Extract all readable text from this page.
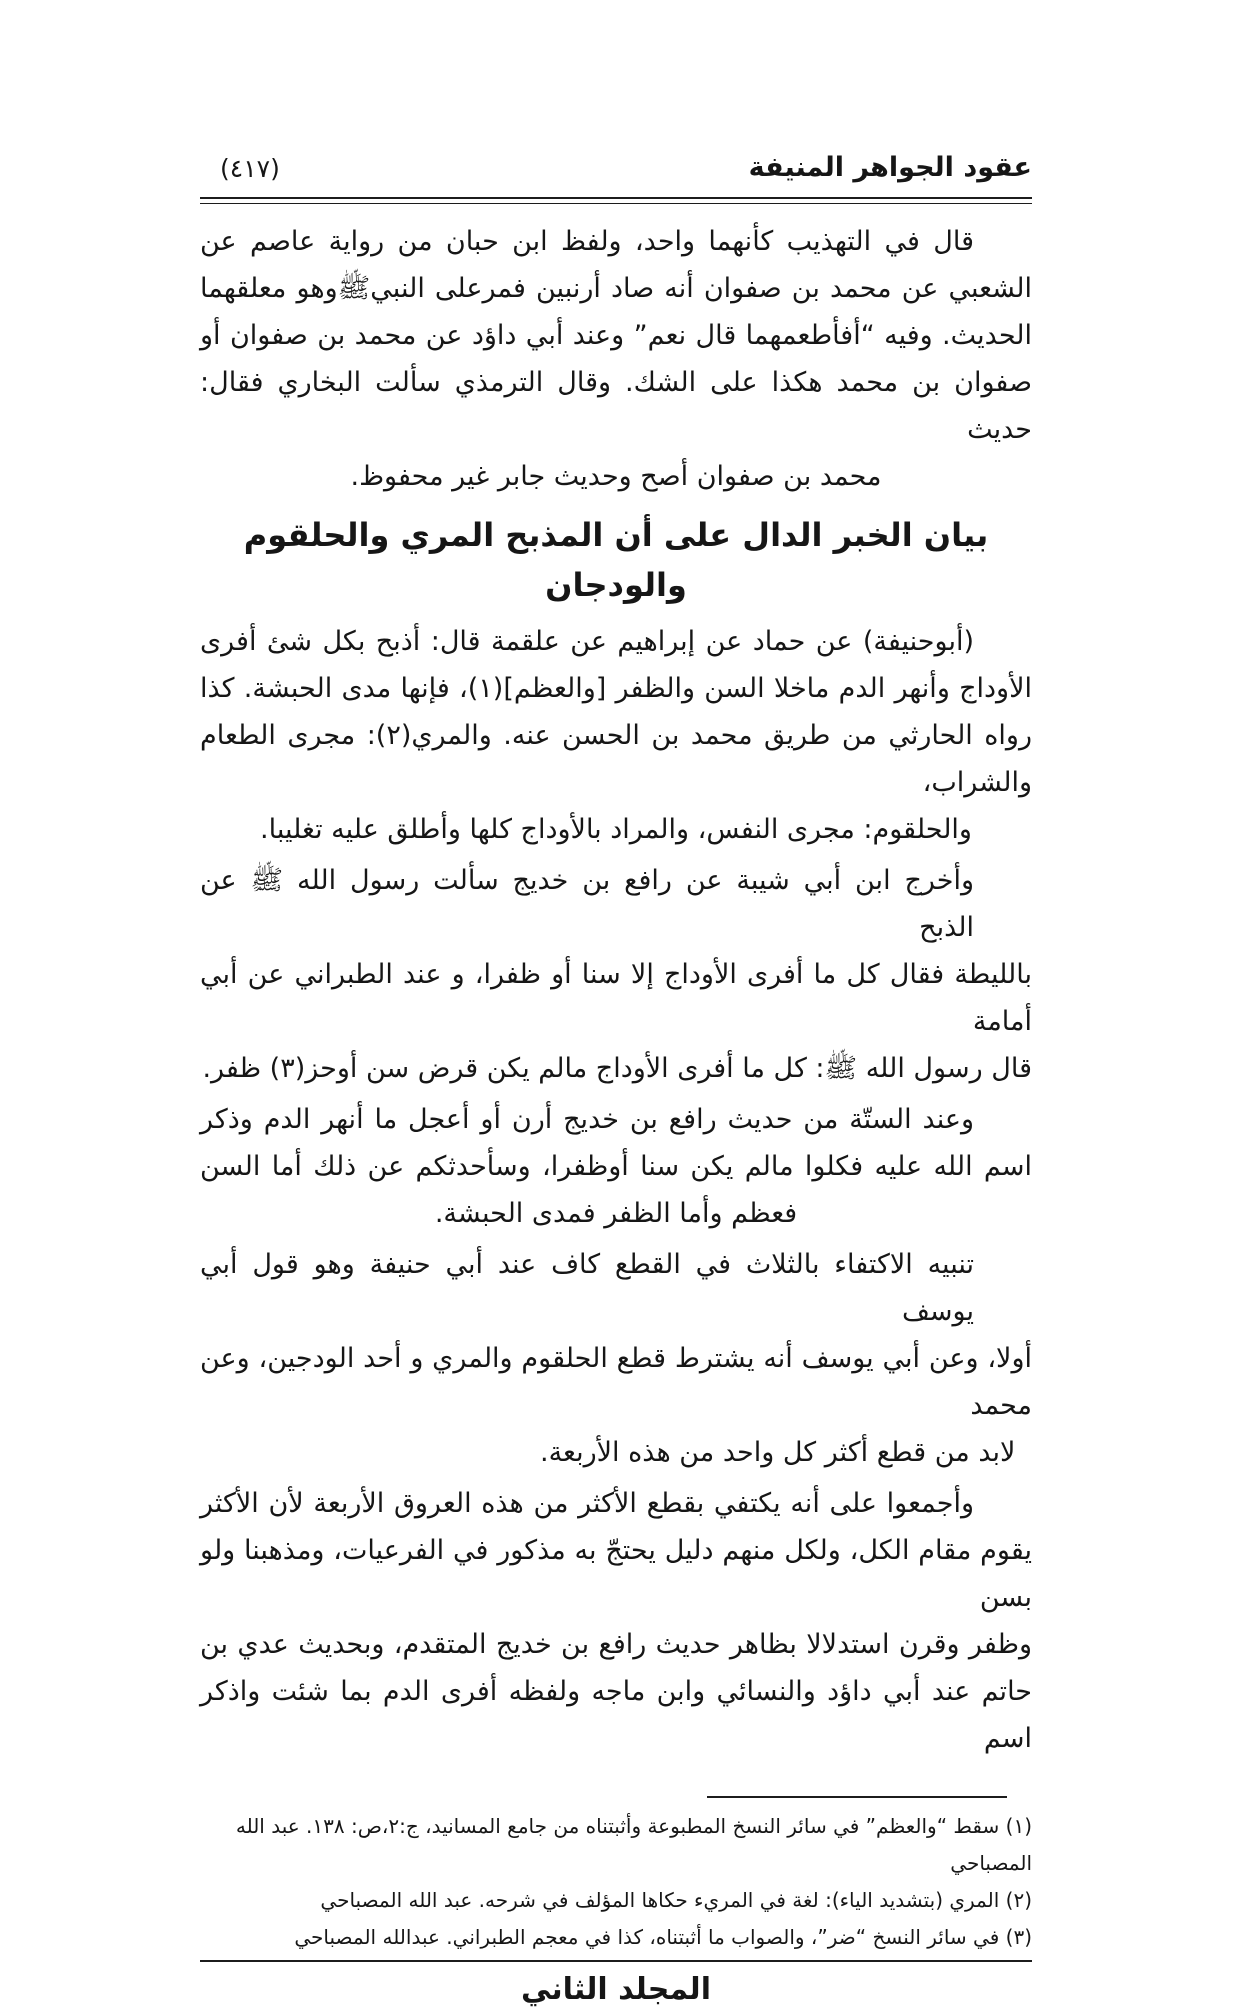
عقود الجواهر المنيفة
(٤١٧)
قال في التهذيب كأنهما واحد، ولفظ ابن حبان من رواية عاصم عن
الشعبي عن محمد بن صفوان أنه صاد أرنبين فمرعلى النبيﷺوهو معلقهما
الحديث. وفيه “أفأطعمهما قال نعم” وعند أبي داؤد عن محمد بن صفوان أو
صفوان بن محمد هكذا على الشك. وقال الترمذي سألت البخاري فقال: حديث
محمد بن صفوان أصح وحديث جابر غير محفوظ.
بيان الخبر الدال على أن المذبح المري والحلقوم والودجان
(أبوحنيفة) عن حماد عن إبراهيم عن علقمة قال: أذبح بكل شئ أفرى
الأوداج وأنهر الدم ماخلا السن والظفر [والعظم](١)، فإنها مدى الحبشة. كذا
رواه الحارثي من طريق محمد بن الحسن عنه. والمري(٢): مجرى الطعام والشراب،
والحلقوم: مجرى النفس، والمراد بالأوداج كلها وأطلق عليه تغليبا.
وأخرج ابن أبي شيبة عن رافع بن خديج سألت رسول الله ﷺ عن الذبح
بالليطة فقال كل ما أفرى الأوداج إلا سنا أو ظفرا، و عند الطبراني عن أبي أمامة
قال رسول الله ﷺ: كل ما أفرى الأوداج مالم يكن قرض سن أوحز(٣) ظفر.
وعند الستّة من حديث رافع بن خديج أرن أو أعجل ما أنهر الدم وذكر
اسم الله عليه فكلوا مالم يكن سنا أوظفرا، وسأحدثكم عن ذلك أما السن
فعظم وأما الظفر فمدى الحبشة.
تنبيه الاكتفاء بالثلاث في القطع كاف عند أبي حنيفة وهو قول أبي يوسف
أولا، وعن أبي يوسف أنه يشترط قطع الحلقوم والمري و أحد الودجين، وعن محمد
لابد من قطع أكثر كل واحد من هذه الأربعة.
وأجمعوا على أنه يكتفي بقطع الأكثر من هذه العروق الأربعة لأن الأكثر
يقوم مقام الكل، ولكل منهم دليل يحتجّ به مذكور في الفرعيات، ومذهبنا ولو بسن
وظفر وقرن استدلالا بظاهر حديث رافع بن خديج المتقدم، وبحديث عدي بن
حاتم عند أبي داؤد والنسائي وابن ماجه ولفظه أفرى الدم بما شئت واذكر اسم
(١) سقط “والعظم” في سائر النسخ المطبوعة وأثبتناه من جامع المسانيد، ج:٢،ص: ١٣٨. عبد الله المصباحي
(٢) المري (بتشديد الياء): لغة في المريء حكاها المؤلف في شرحه. عبد الله المصباحي
(٣) في سائر النسخ “ضر”، والصواب ما أثبتناه، كذا في معجم الطبراني. عبدالله المصباحي
المجلد الثاني
